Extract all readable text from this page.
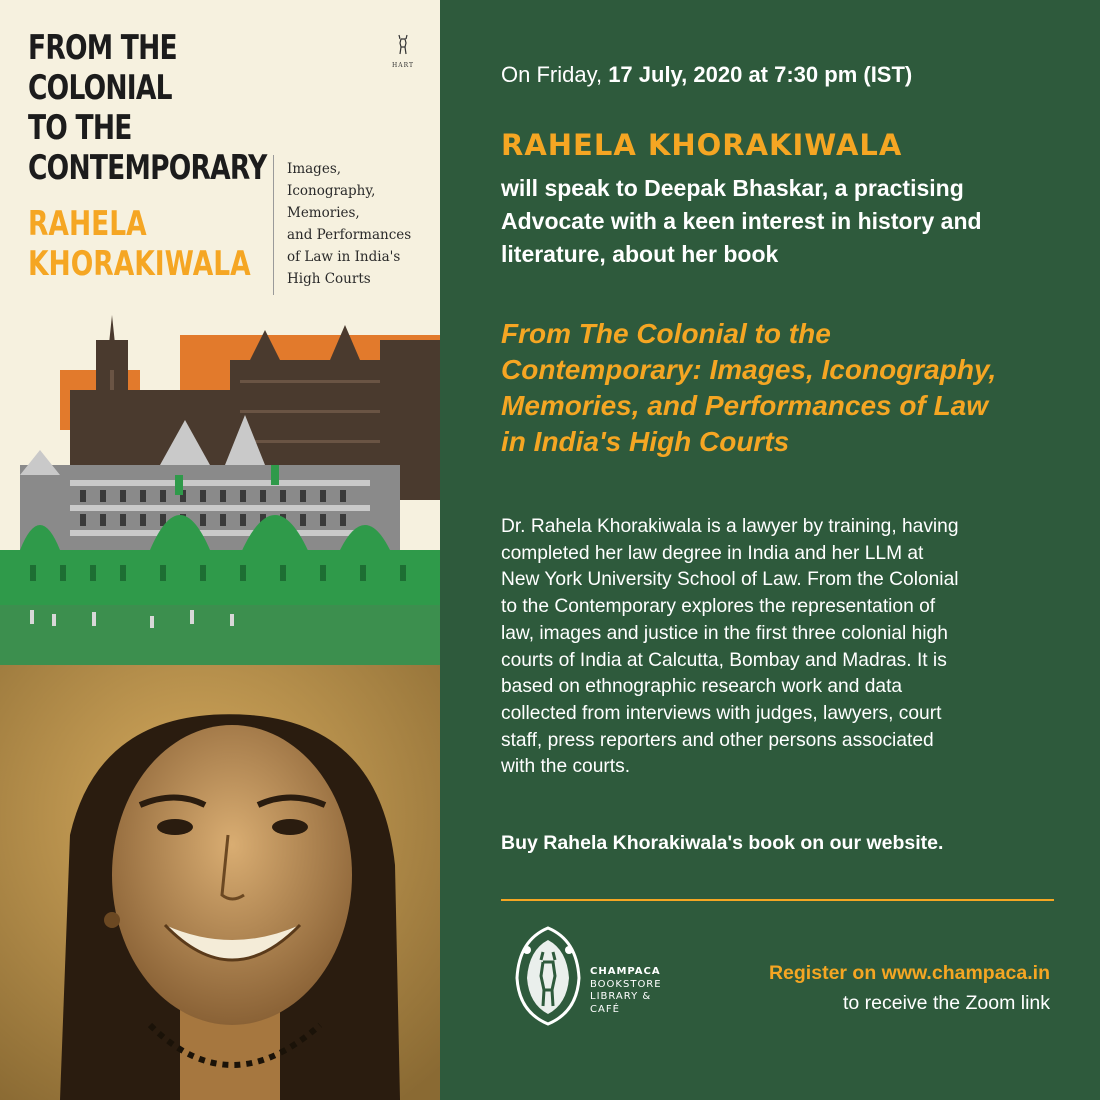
FROM THE
COLONIAL
TO THE
CONTEMPORARY
RAHELA
KHORAKIWALA
Images,
Iconography,
Memories,
and Performances
of Law in India's
High Courts
HART	On Friday, 17 July, 2020 at 7:30 pm (IST)
RAHELA KHORAKIWALA
will speak to Deepak Bhaskar, a practising
Advocate with a keen interest in history and
literature, about her book
From The Colonial to the
Contemporary: Images, Iconography,
Memories, and Performances of Law
in India's High Courts
Dr. Rahela Khorakiwala is a lawyer by training, having
completed her law degree in India and her LLM at
New York University School of Law. From the Colonial
to the Contemporary explores the representation of
law, images and justice in the first three colonial high
courts of India at Calcutta, Bombay and Madras. It is
based on ethnographic research work and data
collected from interviews with judges, lawyers, court
staff, press reporters and other persons associated
with the courts.
Buy Rahela Khorakiwala's book on our website.
CHAMPACA
BOOKSTORE
LIBRARY &
CAFÉ
Register on www.champaca.in
to receive the Zoom link
